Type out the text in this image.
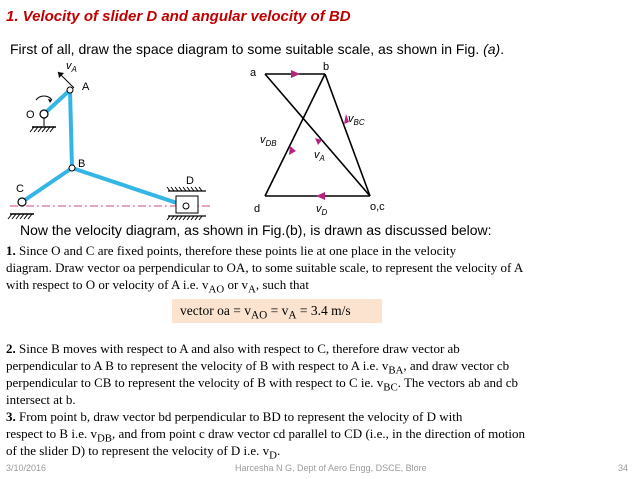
1. Velocity of slider D and angular velocity of BD
First of all, draw the space diagram to some suitable scale, as shown in Fig. (a).
$v_A$
A
O
B
C
D
a	b
d	o,c
$v_{BC}$
$v_{DB}$
$v_A$
$v_D$
Now the velocity diagram, as shown in Fig.(b), is drawn as discussed below:
1. Since O and C are fixed points, therefore these points lie at one place in the velocity
diagram. Draw vector oa perpendicular to OA, to some suitable scale, to represent the velocity of A
with respect to O or velocity of A i.e. $v_{AO}$ or $v_A$, such that
vector oa = $v_{AO} = v_A = 3.4$ m/s
2. Since B moves with respect to A and also with respect to C, therefore draw vector ab
perpendicular to A B to represent the velocity of B with respect to A i.e. $v_{BA}$, and draw vector cb
perpendicular to CB to represent the velocity of B with respect to C ie. $v_{BC}$. The vectors ab and cb
intersect at b.
3. From point b, draw vector bd perpendicular to BD to represent the velocity of D with
respect to B i.e. $v_{DB}$, and from point c draw vector cd parallel to CD (i.e., in the direction of motion
of the slider D) to represent the velocity of D i.e. $v_D$.
3/10/2016	Harcesha N G, Dept of Aero Engg, DSCE, Blore	34
